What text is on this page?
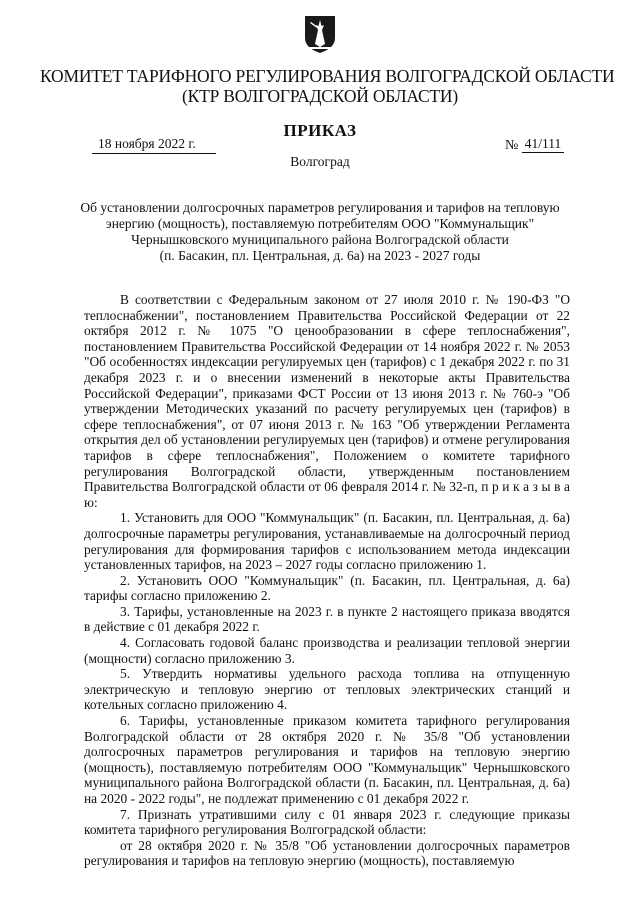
КОМИТЕТ ТАРИФНОГО РЕГУЛИРОВАНИЯ ВОЛГОГРАДСКОЙ ОБЛАСТИ
(КТР ВОЛГОГРАДСКОЙ ОБЛАСТИ)
ПРИКАЗ
18 ноября 2022 г.	№ 41/111
Волгоград
Об установлении долгосрочных параметров регулирования и тарифов на тепловую
энергию (мощность), поставляемую потребителям ООО "Коммунальщик"
Чернышковского муниципального района Волгоградской области
(п. Басакин, пл. Центральная, д. 6а) на 2023 - 2027 годы

В соответствии с Федеральным законом от 27 июля 2010 г. № 190-ФЗ "О теплоснабжении", постановлением Правительства Российской Федерации от 22 октября 2012 г. № 1075 "О ценообразовании в сфере теплоснабжения", постановлением Правительства Российской Федерации от 14 ноября 2022 г. № 2053 "Об особенностях индексации регулируемых цен (тарифов) с 1 декабря 2022 г. по 31 декабря 2023 г. и о внесении изменений в некоторые акты Правительства Российской Федерации", приказами ФСТ России от 13 июня 2013 г. № 760-э "Об утверждении Методических указаний по расчету регулируемых цен (тарифов) в сфере теплоснабжения", от 07 июня 2013 г. № 163 "Об утверждении Регламента открытия дел об установлении регулируемых цен (тарифов) и отмене регулирования тарифов в сфере теплоснабжения", Положением о комитете тарифного регулирования Волгоградской области, утвержденным постановлением Правительства Волгоградской области от 06 февраля 2014 г. № 32-п, п р и к а з ы в а ю:

1. Установить для ООО "Коммунальщик" (п. Басакин, пл. Центральная, д. 6а) долгосрочные параметры регулирования, устанавливаемые на долгосрочный период регулирования для формирования тарифов с использованием метода индексации установленных тарифов, на 2023 – 2027 годы согласно приложению 1.

2. Установить ООО "Коммунальщик" (п. Басакин, пл. Центральная, д. 6а) тарифы согласно приложению 2.

3. Тарифы, установленные на 2023 г. в пункте 2 настоящего приказа вводятся в действие с 01 декабря 2022 г.

4. Согласовать годовой баланс производства и реализации тепловой энергии (мощности) согласно приложению 3.

5. Утвердить нормативы удельного расхода топлива на отпущенную электрическую и тепловую энергию от тепловых электрических станций и котельных согласно приложению 4.

6. Тарифы, установленные приказом комитета тарифного регулирования Волгоградской области от 28 октября 2020 г. № 35/8 "Об установлении долгосрочных параметров регулирования и тарифов на тепловую энергию (мощность), поставляемую потребителям ООО "Коммунальщик" Чернышковского муниципального района Волгоградской области (п. Басакин, пл. Центральная, д. 6а) на 2020 - 2022 годы", не подлежат применению с 01 декабря 2022 г.

7. Признать утратившими силу с 01 января 2023 г. следующие приказы комитета тарифного регулирования Волгоградской области:

от 28 октября 2020 г. № 35/8 "Об установлении долгосрочных параметров регулирования и тарифов на тепловую энергию (мощность), поставляемую
